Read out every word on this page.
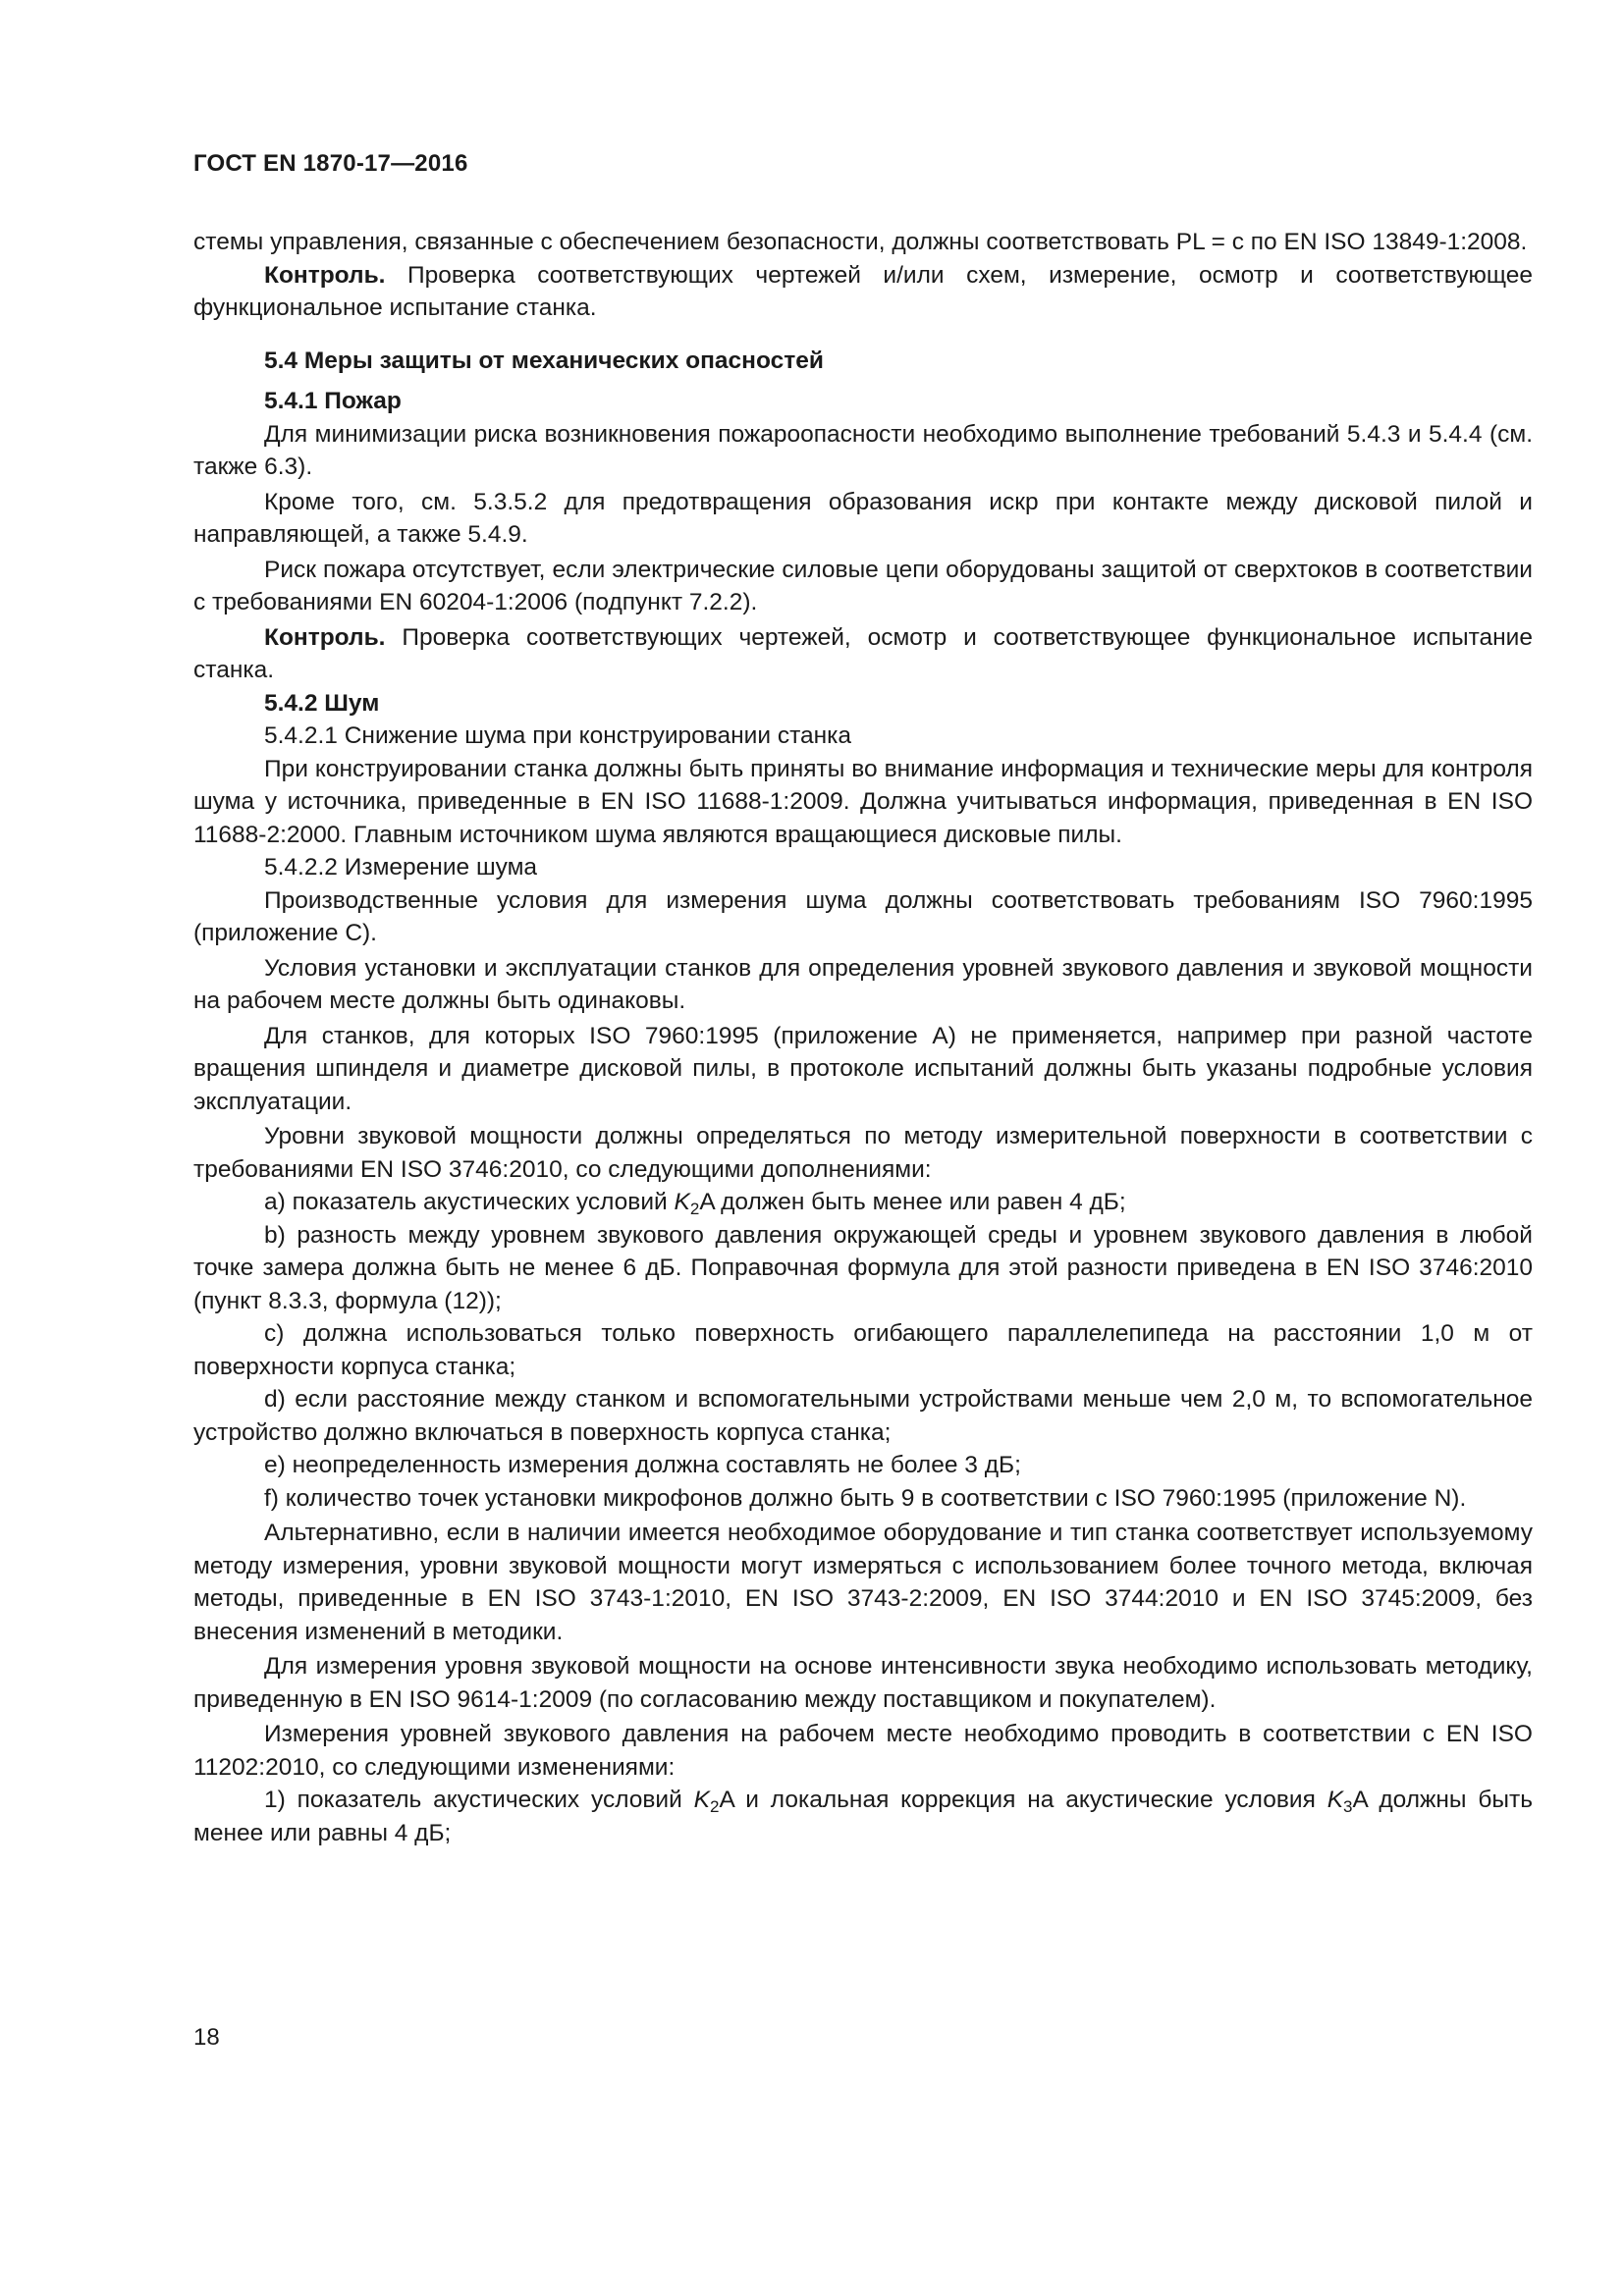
ГОСТ EN 1870-17—2016

стемы управления, связанные с обеспечением безопасности, должны соответствовать PL = c по EN ISO 13849-1:2008.

Контроль. Проверка соответствующих чертежей и/или схем, измерение, осмотр и соответствующее функциональное испытание станка.

5.4 Меры защиты от механических опасностей

5.4.1 Пожар

Для минимизации риска возникновения пожароопасности необходимо выполнение требований 5.4.3 и 5.4.4 (см. также 6.3).

Кроме того, см. 5.3.5.2 для предотвращения образования искр при контакте между дисковой пилой и направляющей, а также 5.4.9.

Риск пожара отсутствует, если электрические силовые цепи оборудованы защитой от сверхтоков в соответствии с требованиями EN 60204-1:2006 (подпункт 7.2.2).

Контроль. Проверка соответствующих чертежей, осмотр и соответствующее функциональное испытание станка.

5.4.2 Шум

5.4.2.1 Снижение шума при конструировании станка

При конструировании станка должны быть приняты во внимание информация и технические меры для контроля шума у источника, приведенные в EN ISO 11688-1:2009. Должна учитываться информация, приведенная в EN ISO 11688-2:2000. Главным источником шума являются вращающиеся дисковые пилы.

5.4.2.2 Измерение шума

Производственные условия для измерения шума должны соответствовать требованиям ISO 7960:1995 (приложение С).

Условия установки и эксплуатации станков для определения уровней звукового давления и звуковой мощности на рабочем месте должны быть одинаковы.

Для станков, для которых ISO 7960:1995 (приложение А) не применяется, например при разной частоте вращения шпинделя и диаметре дисковой пилы, в протоколе испытаний должны быть указаны подробные условия эксплуатации.

Уровни звуковой мощности должны определяться по методу измерительной поверхности в соответствии с требованиями EN ISO 3746:2010, со следующими дополнениями:

a) показатель акустических условий $K_2A$ должен быть менее или равен 4 дБ;

b) разность между уровнем звукового давления окружающей среды и уровнем звукового давления в любой точке замера должна быть не менее 6 дБ. Поправочная формула для этой разности приведена в EN ISO 3746:2010 (пункт 8.3.3, формула (12));

c) должна использоваться только поверхность огибающего параллелепипеда на расстоянии 1,0 м от поверхности корпуса станка;

d) если расстояние между станком и вспомогательными устройствами меньше чем 2,0 м, то вспомогательное устройство должно включаться в поверхность корпуса станка;

e) неопределенность измерения должна составлять не более 3 дБ;

f) количество точек установки микрофонов должно быть 9 в соответствии с ISO 7960:1995 (приложение N).

Альтернативно, если в наличии имеется необходимое оборудование и тип станка соответствует используемому методу измерения, уровни звуковой мощности могут измеряться с использованием более точного метода, включая методы, приведенные в EN ISO 3743-1:2010, EN ISO 3743-2:2009, EN ISO 3744:2010 и EN ISO 3745:2009, без внесения изменений в методики.

Для измерения уровня звуковой мощности на основе интенсивности звука необходимо использовать методику, приведенную в EN ISO 9614-1:2009 (по согласованию между поставщиком и покупателем).

Измерения уровней звукового давления на рабочем месте необходимо проводить в соответствии с EN ISO 11202:2010, со следующими изменениями:

1) показатель акустических условий $K_2A$ и локальная коррекция на акустические условия $K_3A$ должны быть менее или равны 4 дБ;

18
